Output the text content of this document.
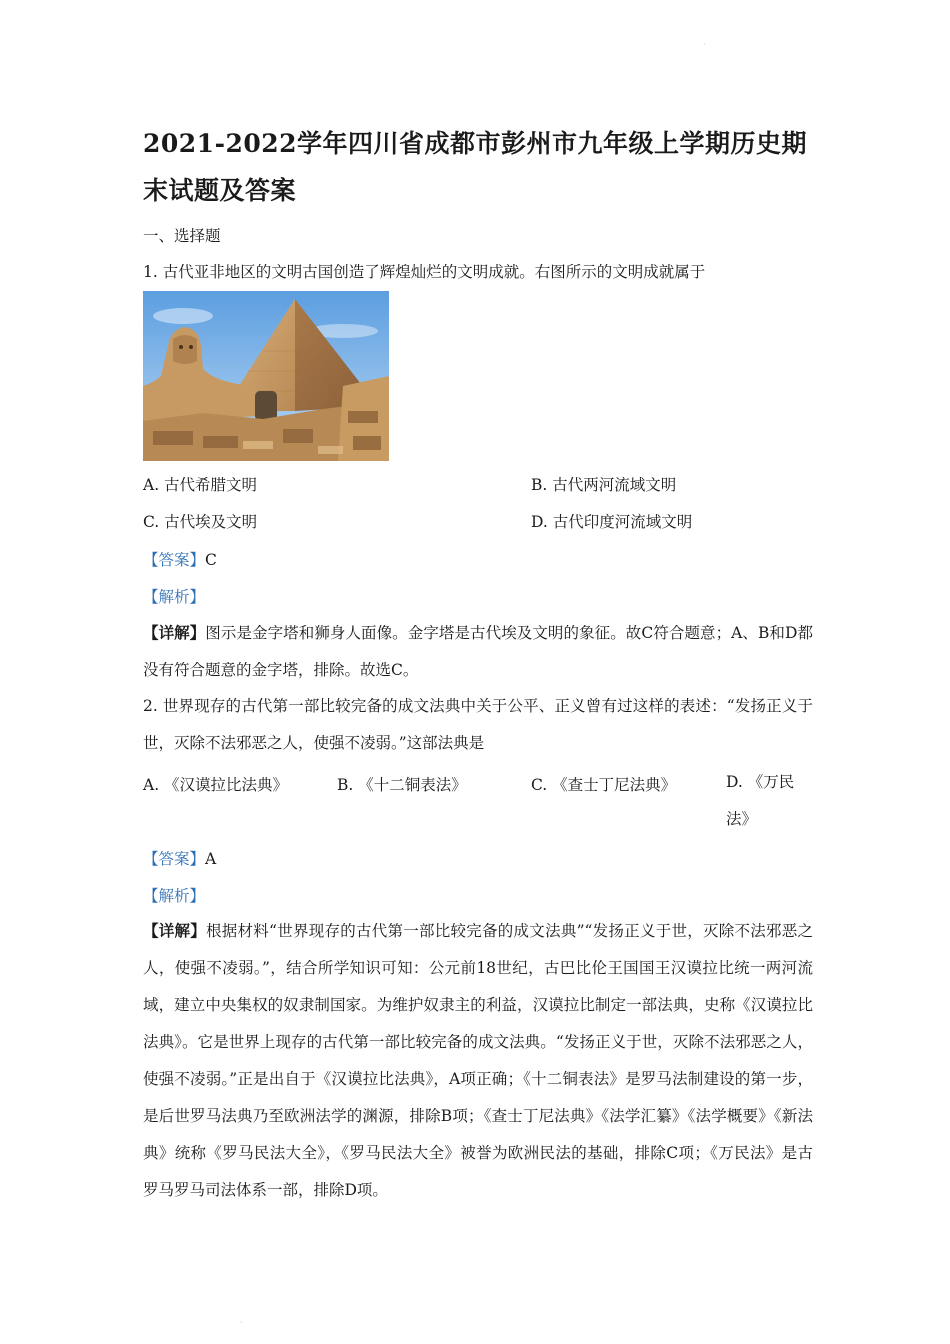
·
2021-2022学年四川省成都市彭州市九年级上学期历史期末试题及答案
一、选择题
1. 古代亚非地区的文明古国创造了辉煌灿烂的文明成就。右图所示的文明成就属于
A. 古代希腊文明	B. 古代两河流域文明
C. 古代埃及文明	D. 古代印度河流域文明
【答案】C
【解析】
【详解】图示是金字塔和狮身人面像。金字塔是古代埃及文明的象征。故C符合题意；A、B和D都没有符合题意的金字塔，排除。故选C。
2. 世界现存的古代第一部比较完备的成文法典中关于公平、正义曾有过这样的表述：“发扬正义于世，灭除不法邪恶之人，使强不凌弱。”这部法典是
A. 《汉谟拉比法典》	B. 《十二铜表法》	C. 《查士丁尼法典》	D. 《万民法》
【答案】A
【解析】
【详解】根据材料“世界现存的古代第一部比较完备的成文法典”“发扬正义于世，灭除不法邪恶之人，使强不凌弱。”，结合所学知识可知：公元前18世纪，古巴比伦王国国王汉谟拉比统一两河流域，建立中央集权的奴隶制国家。为维护奴隶主的利益，汉谟拉比制定一部法典，史称《汉谟拉比法典》。它是世界上现存的古代第一部比较完备的成文法典。“发扬正义于世，灭除不法邪恶之人，使强不凌弱。”正是出自于《汉谟拉比法典》，A项正确；《十二铜表法》是罗马法制建设的第一步，是后世罗马法典乃至欧洲法学的渊源，排除B项；《查士丁尼法典》《法学汇纂》《法学概要》《新法典》统称《罗马民法大全》，《罗马民法大全》被誉为欧洲民法的基础，排除C项；《万民法》是古罗马罗马司法体系一部，排除D项。
·
